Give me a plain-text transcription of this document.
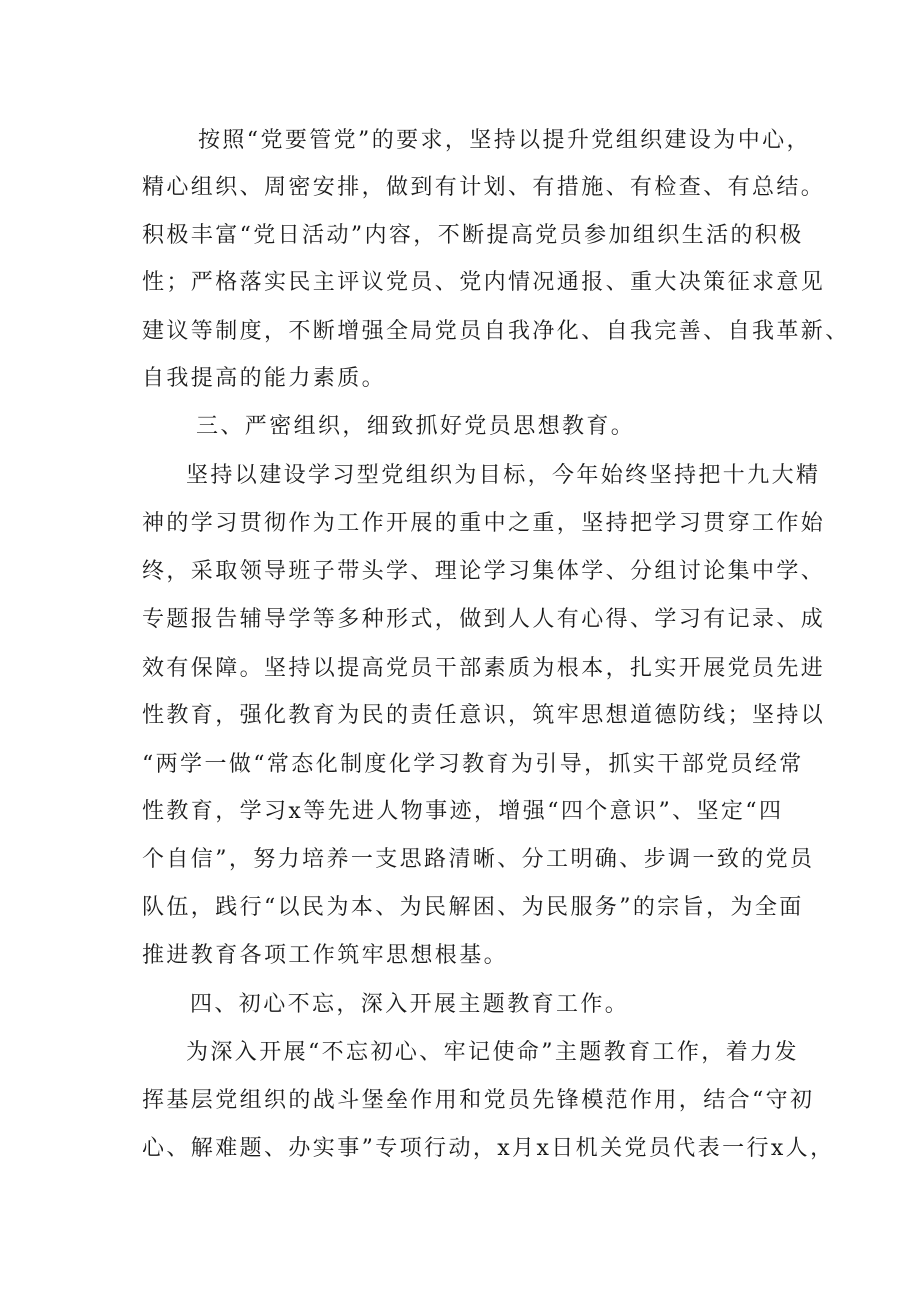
按照“党要管党”的要求，坚持以提升党组织建设为中心，
精心组织、周密安排，做到有计划、有措施、有检查、有总结。
积极丰富“党日活动”内容，不断提高党员参加组织生活的积极
性；严格落实民主评议党员、党内情况通报、重大决策征求意见
建议等制度，不断增强全局党员自我净化、自我完善、自我革新、
自我提高的能力素质。
三、严密组织，细致抓好党员思想教育。
坚持以建设学习型党组织为目标，今年始终坚持把十九大精
神的学习贯彻作为工作开展的重中之重，坚持把学习贯穿工作始
终，采取领导班子带头学、理论学习集体学、分组讨论集中学、
专题报告辅导学等多种形式，做到人人有心得、学习有记录、成
效有保障。坚持以提高党员干部素质为根本，扎实开展党员先进
性教育，强化教育为民的责任意识，筑牢思想道德防线；坚持以
“两学一做“常态化制度化学习教育为引导，抓实干部党员经常
性教育，学习x等先进人物事迹，增强“四个意识”、坚定“四
个自信”，努力培养一支思路清晰、分工明确、步调一致的党员
队伍，践行“以民为本、为民解困、为民服务”的宗旨，为全面
推进教育各项工作筑牢思想根基。
四、初心不忘，深入开展主题教育工作。
为深入开展“不忘初心、牢记使命”主题教育工作，着力发
挥基层党组织的战斗堡垒作用和党员先锋模范作用，结合“守初
心、解难题、办实事”专项行动，x月x日机关党员代表一行x人，
